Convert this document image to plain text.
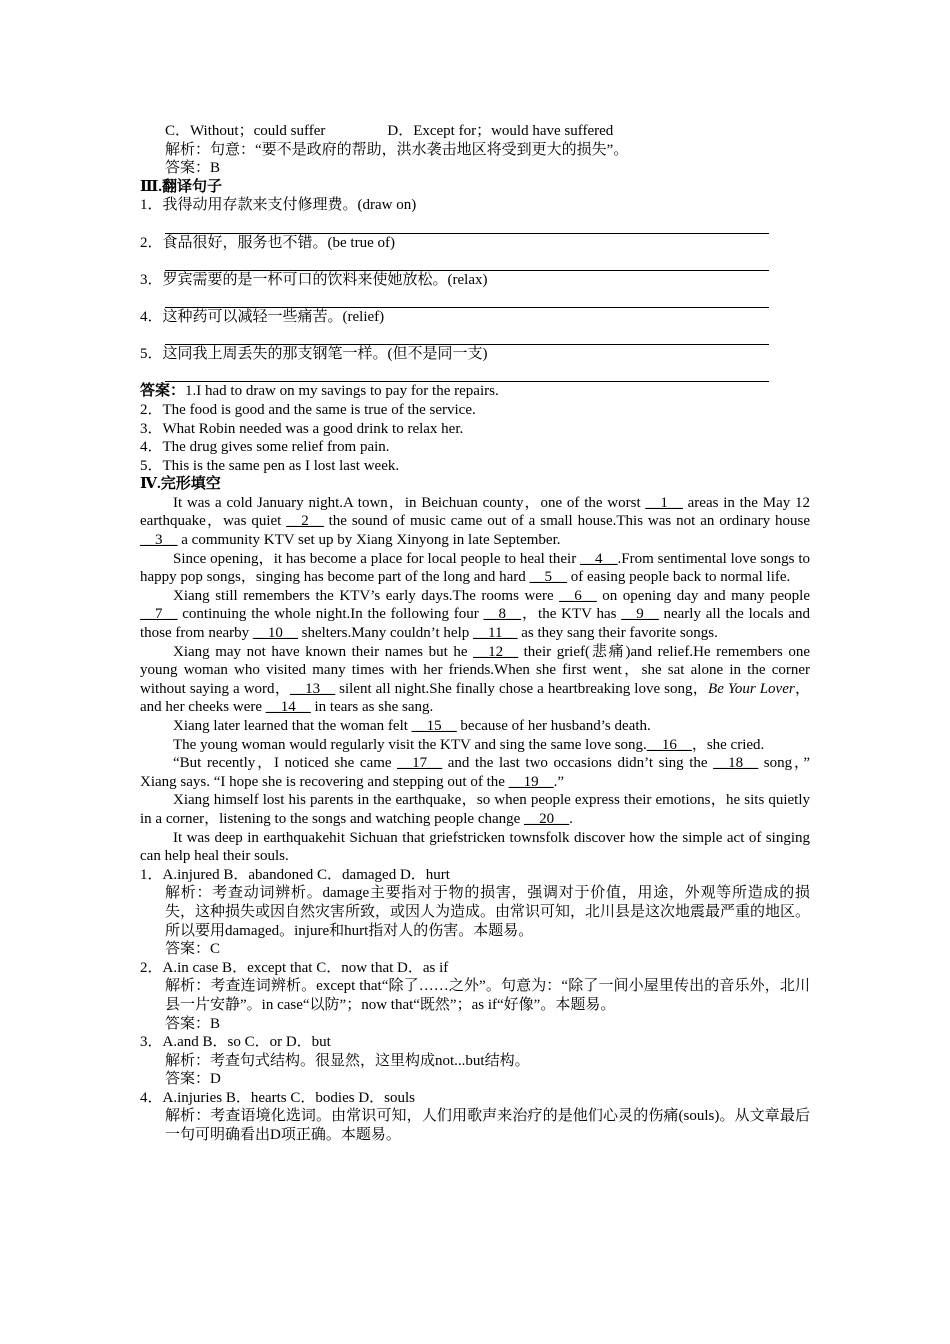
C．Without；could suffer	D．Except for；would have suffered
解析：句意：“要不是政府的帮助，洪水袭击地区将受到更大的损失”。
答案：B
Ⅲ.翻译句子
1．我得动用存款来支付修理费。(draw on)
2．食品很好，服务也不错。(be true of)
3．罗宾需要的是一杯可口的饮料来使她放松。(relax)
4．这种药可以减轻一些痛苦。(relief)
5．这同我上周丢失的那支钢笔一样。(但不是同一支)
答案：1.I had to draw on my savings to pay for the repairs.
2．The food is good and the same is true of the service.
3．What Robin needed was a good drink to relax her.
4．The drug gives some relief from pain.
5．This is the same pen as I lost last week.
Ⅳ.完形填空
It was a cold January night.A town，in Beichuan county，one of the worst __1__ areas in the May 12 earthquake，was quiet __2__ the sound of music came out of a small house.This was not an ordinary house __3__ a community KTV set up by Xiang Xinyong in late September.
Since opening，it has become a place for local people to heal their __4__.From sentimental love songs to happy pop songs，singing has become part of the long and hard __5__ of easing people back to normal life.
Xiang still remembers the KTV’s early days.The rooms were __6__ on opening day and many people __7__ continuing the whole night.In the following four __8__，the KTV has __9__ nearly all the locals and those from nearby __10__ shelters.Many couldn’t help __11__ as they sang their favorite songs.
Xiang may not have known their names but he __12__ their grief(悲痛)and relief.He remembers one young woman who visited many times with her friends.When she first went，she sat alone in the corner without saying a word，__13__ silent all night.She finally chose a heartbreaking love song，Be Your Lover，and her cheeks were __14__ in tears as she sang.
Xiang later learned that the woman felt __15__ because of her husband’s death.
The young woman would regularly visit the KTV and sing the same love song.__16__，she cried.
“But recently，I noticed she came __17__ and the last two occasions didn’t sing the __18__ song，” Xiang says. “I hope she is recovering and stepping out of the __19__.”
Xiang himself lost his parents in the earthquake，so when people express their emotions，he sits quietly in a corner，listening to the songs and watching people change __20__.
It was deep in earthquakehit Sichuan that griefstricken townsfolk discover how the simple act of singing can help heal their souls.
1．A.injured B．abandoned C．damaged D．hurt
解析：考查动词辨析。damage主要指对于物的损害，强调对于价值，用途，外观等所造成的损失，这种损失或因自然灾害所致，或因人为造成。由常识可知，北川县是这次地震最严重的地区。所以要用damaged。injure和hurt指对人的伤害。本题易。
答案：C
2．A.in case B．except that C．now that D．as if
解析：考查连词辨析。except that“除了……之外”。句意为：“除了一间小屋里传出的音乐外，北川县一片安静”。in case“以防”；now that“既然”；as if“好像”。本题易。
答案：B
3．A.and B．so C．or D．but
解析：考查句式结构。很显然，这里构成not...but结构。
答案：D
4．A.injuries B．hearts C．bodies D．souls
解析：考查语境化选词。由常识可知，人们用歌声来治疗的是他们心灵的伤痛(souls)。从文章最后一句可明确看出D项正确。本题易。
